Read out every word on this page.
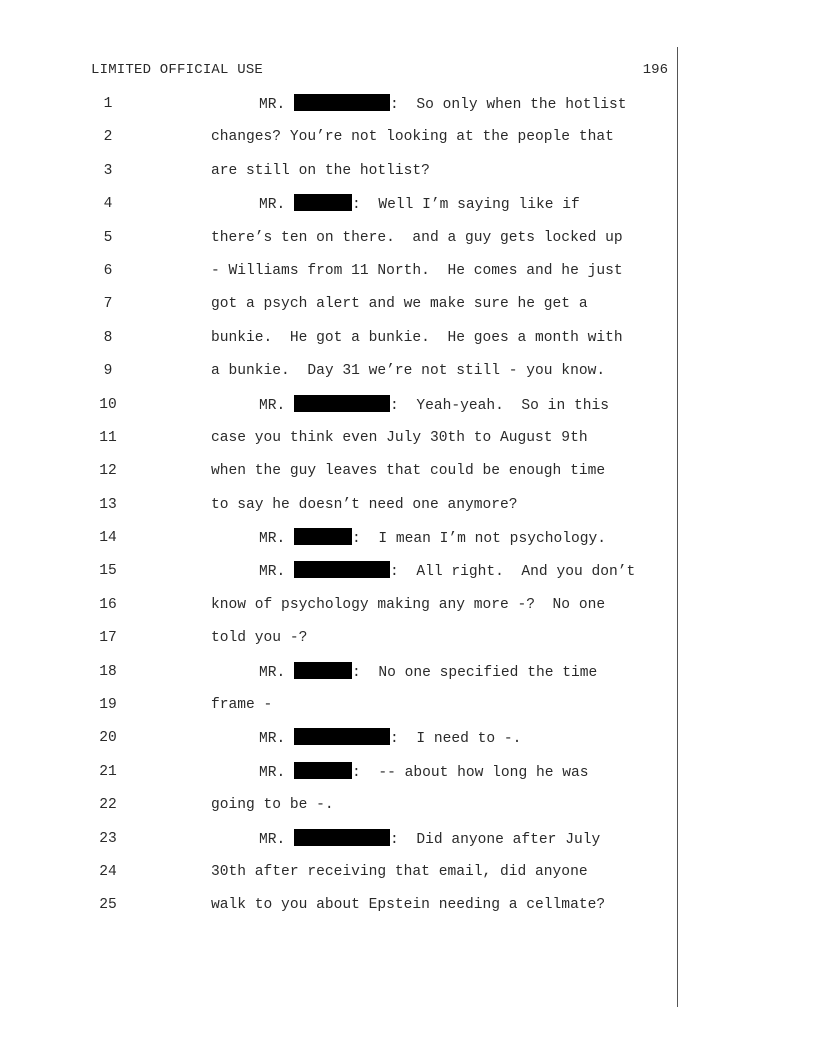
LIMITED OFFICIAL USE	196
1	MR.	:  So only when the hotlist
2	changes? You’re not looking at the people that
3	are still on the hotlist?
4	MR.	:  Well I’m saying like if
5	there’s ten on there.  and a guy gets locked up
6	- Williams from 11 North.  He comes and he just
7	got a psych alert and we make sure he get a
8	bunkie.  He got a bunkie.  He goes a month with
9	a bunkie.  Day 31 we’re not still - you know.
10	MR.	:  Yeah-yeah.  So in this
11	case you think even July 30th to August 9th
12	when the guy leaves that could be enough time
13	to say he doesn’t need one anymore?
14	MR.	:  I mean I’m not psychology.
15	MR.	:  All right.  And you don’t
16	know of psychology making any more -?  No one
17	told you -?
18	MR.	:  No one specified the time
19	frame -
20	MR.	:  I need to -.
21	MR.	:  -- about how long he was
22	going to be -.
23	MR.	:  Did anyone after July
24	30th after receiving that email, did anyone
25	walk to you about Epstein needing a cellmate?
